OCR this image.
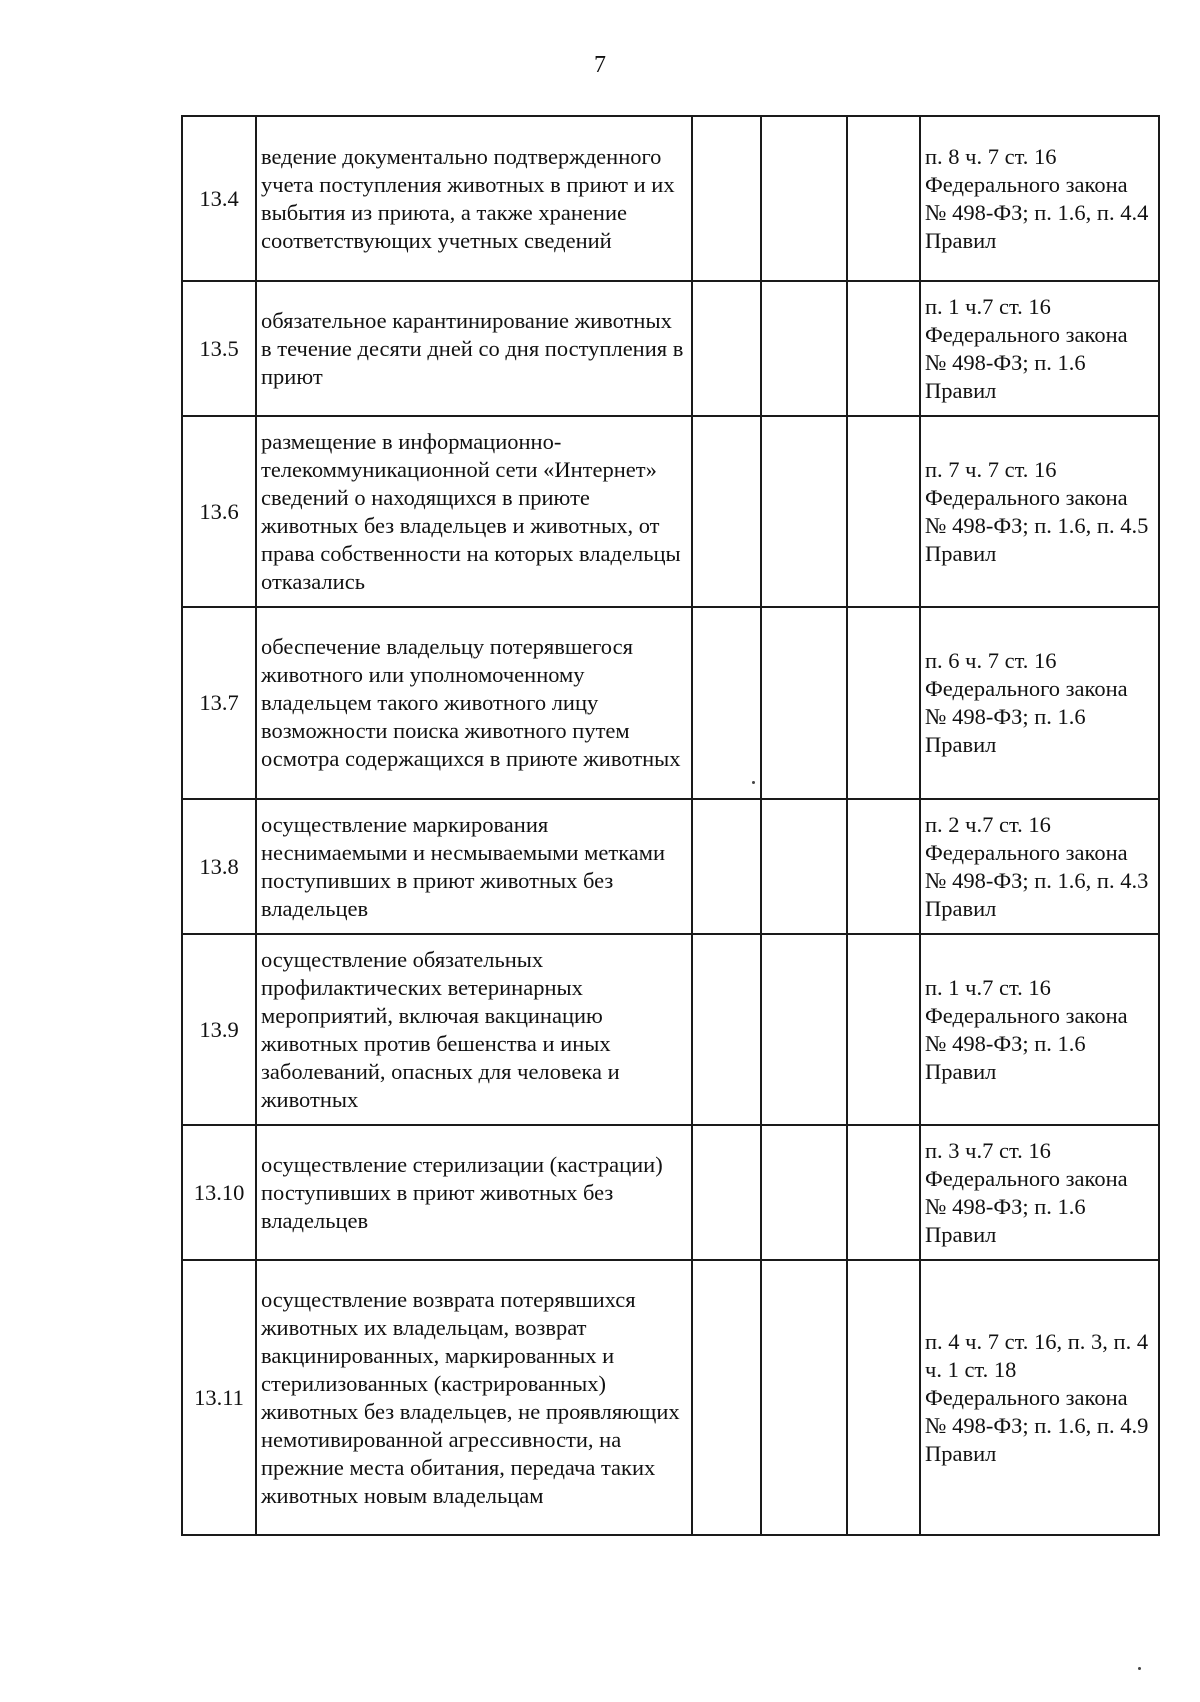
7
13.4	ведение документально подтвержденного учета поступления животных в приют и их выбытия из приюта, а также хранение соответствующих учетных сведений				п. 8 ч. 7 ст. 16 Федерального закона № 498-ФЗ; п. 1.6, п. 4.4 Правил
13.5	обязательное карантинирование животных в течение десяти дней со дня поступления в приют				п. 1 ч.7 ст. 16 Федерального закона № 498-ФЗ; п. 1.6 Правил
13.6	размещение в информационно-телекоммуникационной сети «Интернет» сведений о находящихся в приюте животных без владельцев и животных, от права собственности на которых владельцы отказались				п. 7 ч. 7 ст. 16 Федерального закона № 498-ФЗ; п. 1.6, п. 4.5 Правил
13.7	обеспечение владельцу потерявшегося животного или уполномоченному владельцем такого животного лицу возможности поиска животного путем осмотра содержащихся в приюте животных				п. 6 ч. 7 ст. 16 Федерального закона № 498-ФЗ; п. 1.6 Правил
13.8	осуществление маркирования неснимаемыми и несмываемыми метками поступивших в приют животных без владельцев				п. 2 ч.7 ст. 16 Федерального закона № 498-ФЗ; п. 1.6, п. 4.3 Правил
13.9	осуществление обязательных профилактических ветеринарных мероприятий, включая вакцинацию животных против бешенства и иных заболеваний, опасных для человека и животных				п. 1 ч.7 ст. 16 Федерального закона № 498-ФЗ; п. 1.6 Правил
13.10	осуществление стерилизации (кастрации) поступивших в приют животных без владельцев				п. 3 ч.7 ст. 16 Федерального закона № 498-ФЗ; п. 1.6 Правил
13.11	осуществление возврата потерявшихся животных их владельцам, возврат вакцинированных, маркированных и стерилизованных (кастрированных) животных без владельцев, не проявляющих немотивированной агрессивности, на прежние места обитания, передача таких животных новым владельцам				п. 4 ч. 7 ст. 16, п. 3, п. 4 ч. 1 ст. 18 Федерального закона № 498-ФЗ; п. 1.6, п. 4.9 Правил
